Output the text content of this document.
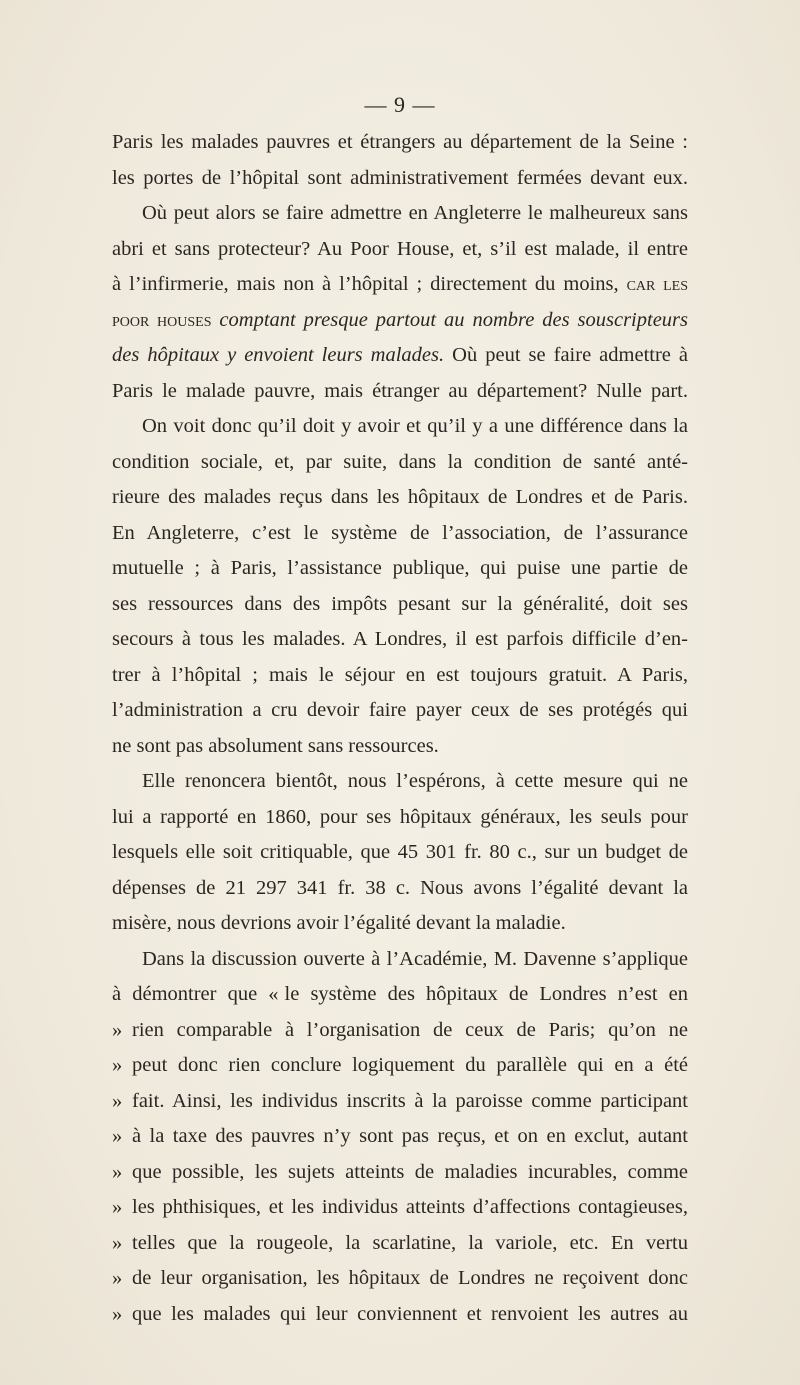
— 9 —
Paris les malades pauvres et étrangers au département de la Seine :
les portes de l’hôpital sont administrativement fermées devant eux.
Où peut alors se faire admettre en Angleterre le malheureux sans
abri et sans protecteur? Au Poor House, et, s’il est malade, il entre
à l’infirmerie, mais non à l’hôpital ; directement du moins, car les
poor houses comptant presque partout au nombre des souscripteurs
des hôpitaux y envoient leurs malades. Où peut se faire admettre à
Paris le malade pauvre, mais étranger au département? Nulle part.
On voit donc qu’il doit y avoir et qu’il y a une différence dans la
condition sociale, et, par suite, dans la condition de santé anté-
rieure des malades reçus dans les hôpitaux de Londres et de Paris.
En Angleterre, c’est le système de l’association, de l’assurance
mutuelle ; à Paris, l’assistance publique, qui puise une partie de
ses ressources dans des impôts pesant sur la généralité, doit ses
secours à tous les malades. A Londres, il est parfois difficile d’en-
trer à l’hôpital ; mais le séjour en est toujours gratuit. A Paris,
l’administration a cru devoir faire payer ceux de ses protégés qui
ne sont pas absolument sans ressources.
Elle renoncera bientôt, nous l’espérons, à cette mesure qui ne
lui a rapporté en 1860, pour ses hôpitaux généraux, les seuls pour
lesquels elle soit critiquable, que 45 301 fr. 80 c., sur un budget de
dépenses de 21 297 341 fr. 38 c. Nous avons l’égalité devant la
misère, nous devrions avoir l’égalité devant la maladie.
Dans la discussion ouverte à l’Académie, M. Davenne s’applique
à démontrer que « le système des hôpitaux de Londres n’est en
» rien comparable à l’organisation de ceux de Paris; qu’on ne
» peut donc rien conclure logiquement du parallèle qui en a été
» fait. Ainsi, les individus inscrits à la paroisse comme participant
» à la taxe des pauvres n’y sont pas reçus, et on en exclut, autant
» que possible, les sujets atteints de maladies incurables, comme
» les phthisiques, et les individus atteints d’affections contagieuses,
» telles que la rougeole, la scarlatine, la variole, etc. En vertu
» de leur organisation, les hôpitaux de Londres ne reçoivent donc
» que les malades qui leur conviennent et renvoient les autres au
